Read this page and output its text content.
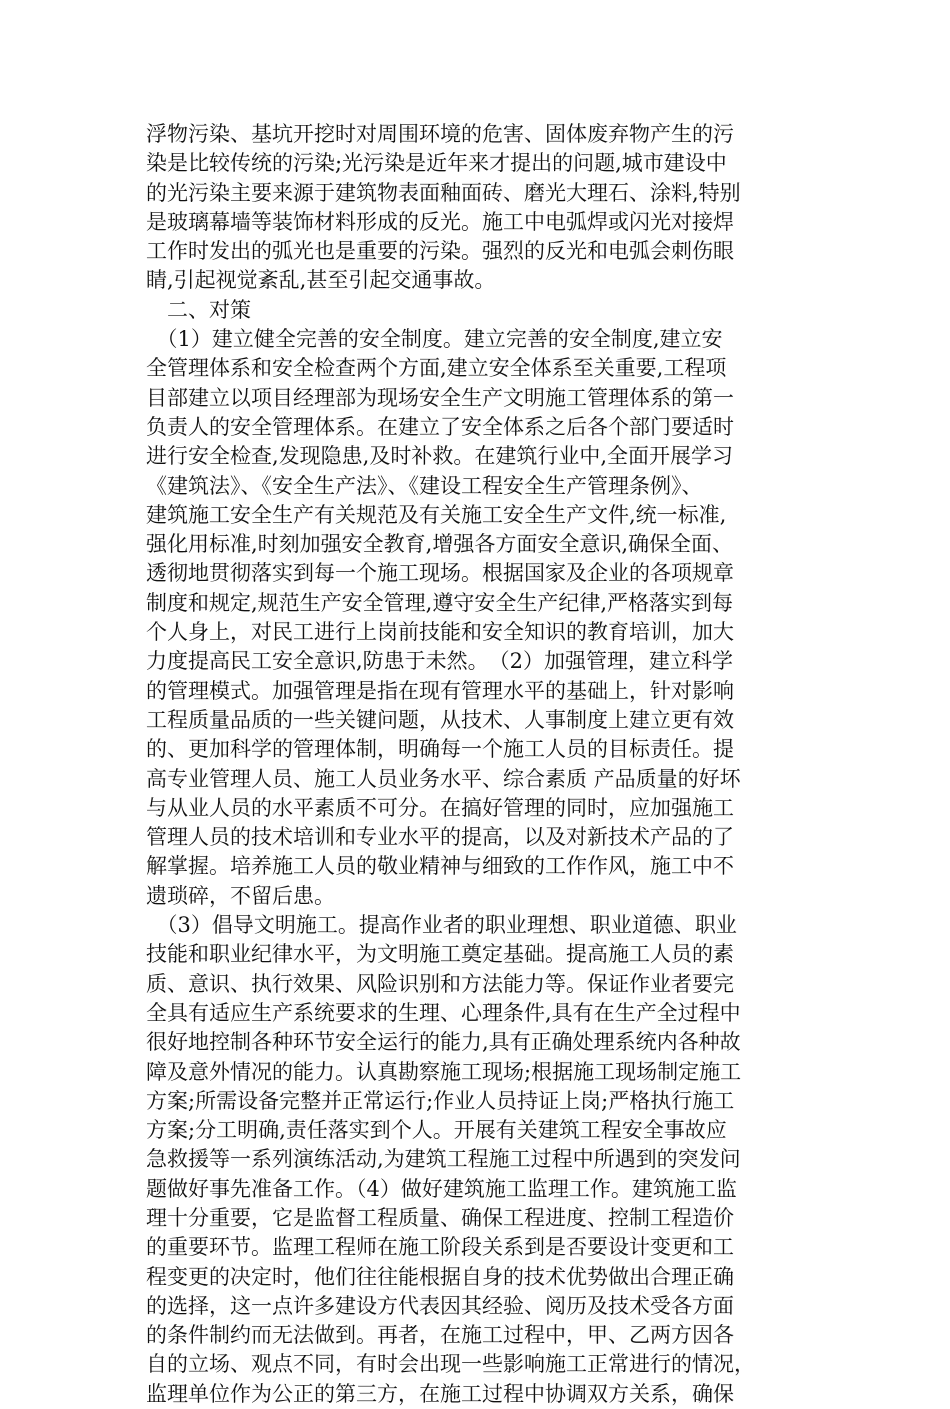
浮物污染、基坑开挖时对周围环境的危害、固体废弃物产生的污
染是比较传统的污染;光污染是近年来才提出的问题,城市建设中
的光污染主要来源于建筑物表面釉面砖、磨光大理石、涂料,特别
是玻璃幕墙等装饰材料形成的反光。施工中电弧焊或闪光对接焊
工作时发出的弧光也是重要的污染。强烈的反光和电弧会刺伤眼
睛,引起视觉紊乱,甚至引起交通事故。
　二、对策
　（1）建立健全完善的安全制度。建立完善的安全制度,建立安
全管理体系和安全检查两个方面,建立安全体系至关重要,工程项
目部建立以项目经理部为现场安全生产文明施工管理体系的第一
负责人的安全管理体系。在建立了安全体系之后各个部门要适时
进行安全检查,发现隐患,及时补救。在建筑行业中,全面开展学习
《建筑法》、《安全生产法》、《建设工程安全生产管理条例》、
建筑施工安全生产有关规范及有关施工安全生产文件,统一标准,
强化用标准,时刻加强安全教育,增强各方面安全意识,确保全面、
透彻地贯彻落实到每一个施工现场。根据国家及企业的各项规章
制度和规定,规范生产安全管理,遵守安全生产纪律,严格落实到每
个人身上，对民工进行上岗前技能和安全知识的教育培训，加大
力度提高民工安全意识,防患于未然。　（2）加强管理，建立科学
的管理模式。加强管理是指在现有管理水平的基础上，针对影响
工程质量品质的一些关键问题，从技术、人事制度上建立更有效
的、更加科学的管理体制，明确每一个施工人员的目标责任。提
高专业管理人员、施工人员业务水平、综合素质 产品质量的好坏
与从业人员的水平素质不可分。在搞好管理的同时，应加强施工
管理人员的技术培训和专业水平的提高，以及对新技术产品的了
解掌握。培养施工人员的敬业精神与细致的工作作风，施工中不
遗琐碎，不留后患。
　（3）倡导文明施工。提高作业者的职业理想、职业道德、职业
技能和职业纪律水平，为文明施工奠定基础。提高施工人员的素
质、意识、执行效果、风险识别和方法能力等。保证作业者要完
全具有适应生产系统要求的生理、心理条件,具有在生产全过程中
很好地控制各种环节安全运行的能力,具有正确处理系统内各种故
障及意外情况的能力。认真勘察施工现场;根据施工现场制定施工
方案;所需设备完整并正常运行;作业人员持证上岗;严格执行施工
方案;分工明确,责任落实到个人。开展有关建筑工程安全事故应
急救援等一系列演练活动,为建筑工程施工过程中所遇到的突发问
题做好事先准备工作。（4）做好建筑施工监理工作。建筑施工监
理十分重要，它是监督工程质量、确保工程进度、控制工程造价
的重要环节。监理工程师在施工阶段关系到是否要设计变更和工
程变更的决定时，他们往往能根据自身的技术优势做出合理正确
的选择，这一点许多建设方代表因其经验、阅历及技术受各方面
的条件制约而无法做到。再者，在施工过程中，甲、乙两方因各
自的立场、观点不同，有时会出现一些影响施工正常进行的情况，
监理单位作为公正的第三方，在施工过程中协调双方关系，确保
